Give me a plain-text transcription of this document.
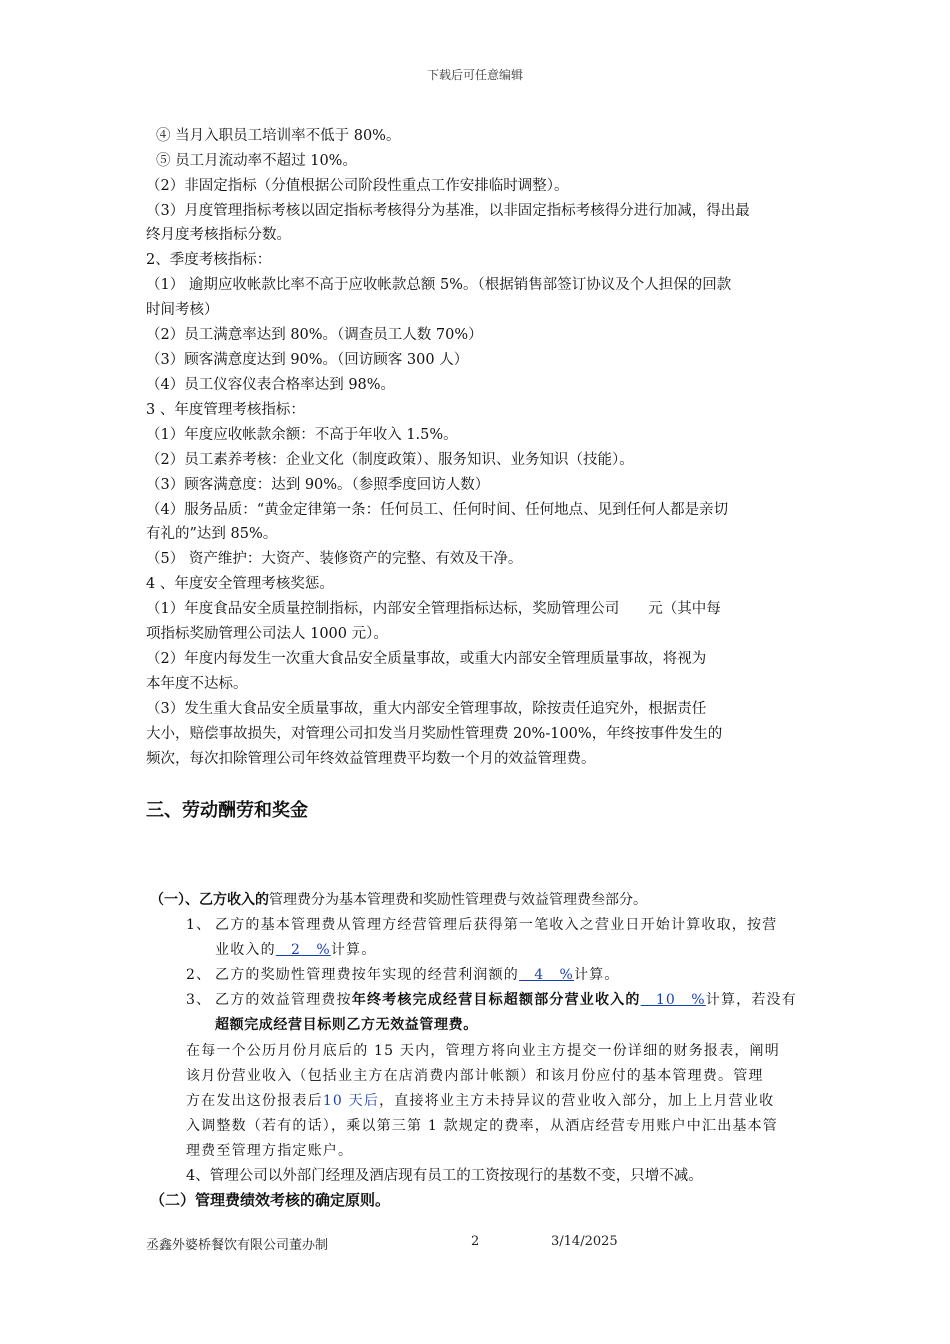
下载后可任意编辑
④ 当月入职员工培训率不低于 80%。
⑤ 员工月流动率不超过 10%。
（2）非固定指标（分值根据公司阶段性重点工作安排临时调整）。
（3）月度管理指标考核以固定指标考核得分为基准，以非固定指标考核得分进行加减，得出最
终月度考核指标分数。
2、季度考核指标：
（1） 逾期应收帐款比率不高于应收帐款总额 5%。（根据销售部签订协议及个人担保的回款
时间考核）
（2）员工满意率达到 80%。（调查员工人数 70%）
（3）顾客满意度达到 90%。（回访顾客 300 人）
（4）员工仪容仪表合格率达到 98%。
3 、年度管理考核指标：
（1）年度应收帐款余额：不高于年收入 1.5%。
（2）员工素养考核：企业文化（制度政策）、服务知识、业务知识（技能）。
（3）顾客满意度：达到 90%。（参照季度回访人数）
（4）服务品质：“黄金定律第一条：任何员工、任何时间、任何地点、见到任何人都是亲切
有礼的”达到 85%。
（5） 资产维护：大资产、装修资产的完整、有效及干净。
4 、年度安全管理考核奖惩。
（1）年度食品安全质量控制指标，内部安全管理指标达标，奖励管理公司　　元（其中每
项指标奖励管理公司法人 1000 元）。
（2）年度内每发生一次重大食品安全质量事故，或重大内部安全管理质量事故，将视为
本年度不达标。
（3）发生重大食品安全质量事故，重大内部安全管理事故，除按责任追究外，根据责任
大小，赔偿事故损失，对管理公司扣发当月奖励性管理费 20%-100%，年终按事件发生的
频次，每次扣除管理公司年终效益管理费平均数一个月的效益管理费。
三、劳动酬劳和奖金
（一）、乙方收入的管理费分为基本管理费和奖励性管理费与效益管理费叁部分。
1、 乙方的基本管理费从管理方经营管理后获得第一笔收入之营业日开始计算收取，按营
业收入的　2　%计算。
2、 乙方的奖励性管理费按年实现的经营利润额的　4　%计算。
3、 乙方的效益管理费按年终考核完成经营目标超额部分营业收入的　10　%计算，若没有
超额完成经营目标则乙方无效益管理费。
在每一个公历月份月底后的 15 天内，管理方将向业主方提交一份详细的财务报表，阐明
该月份营业收入（包括业主方在店消费内部计帐额）和该月份应付的基本管理费。管理
方在发出这份报表后10 天后，直接将业主方未持异议的营业收入部分，加上上月营业收
入调整数（若有的话），乘以第三第 1 款规定的费率，从酒店经营专用账户中汇出基本管
理费至管理方指定账户。
4、管理公司以外部门经理及酒店现有员工的工资按现行的基数不变，只增不减。
（二）管理费绩效考核的确定原则。
丞鑫外婆桥餐饮有限公司董办制	2	3/14/2025
